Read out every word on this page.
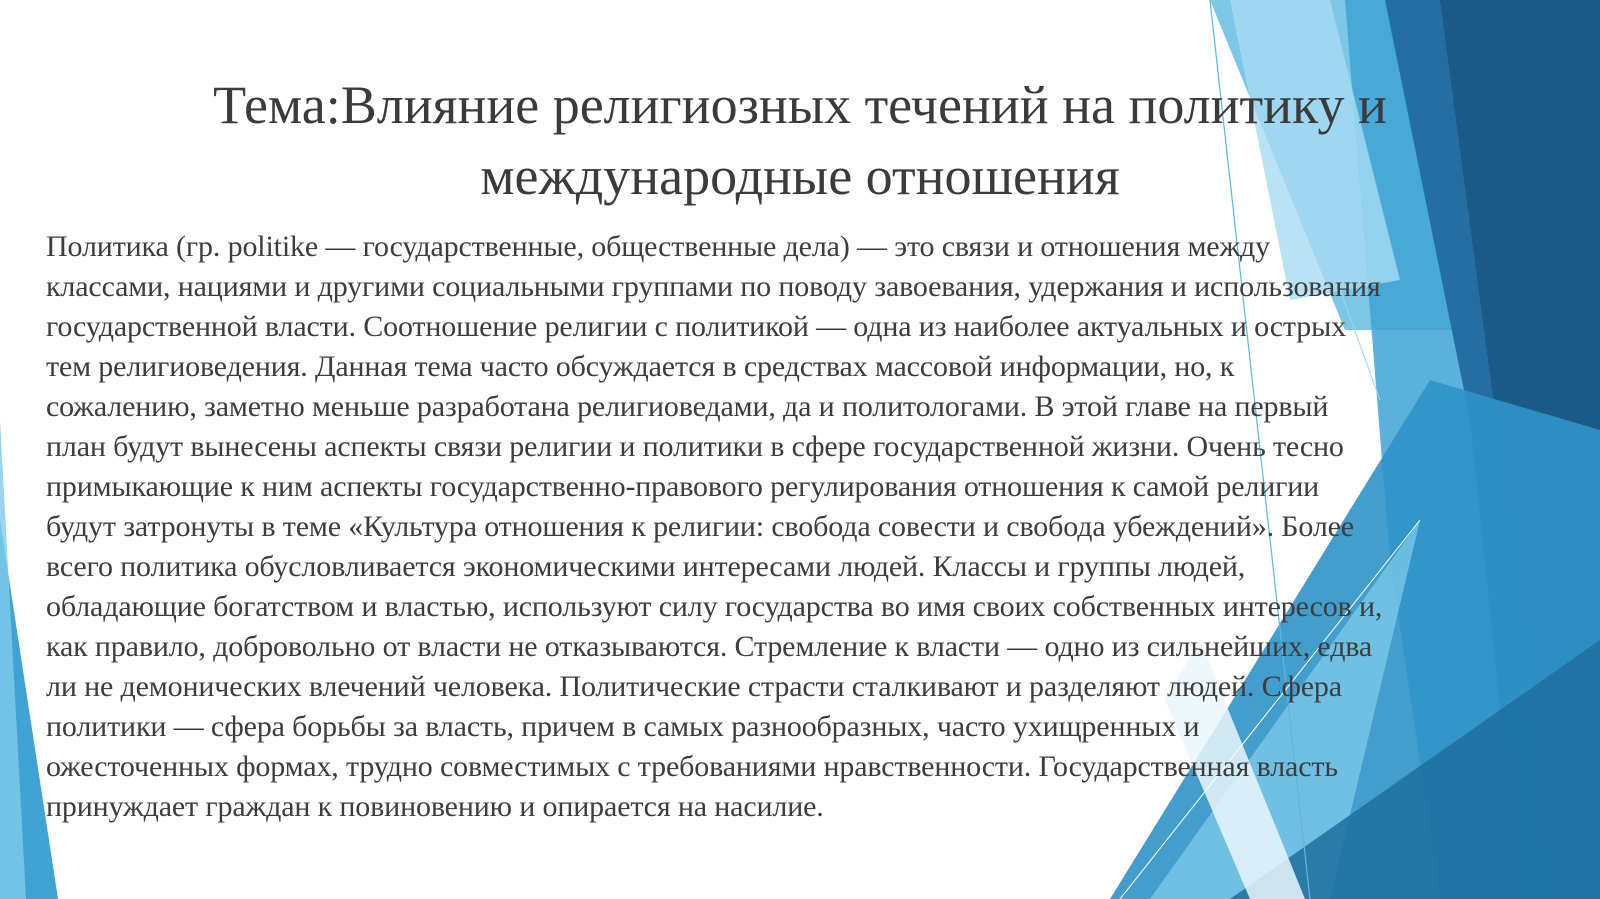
Тема:Влияние религиозных течений на политику и международные отношения

Политика (гр. politike — государственные, общественные дела) — это связи и отношения между
классами, нациями и другими социальными группами по поводу завоевания, удержания и использования
государственной власти. Соотношение религии с политикой — одна из наиболее актуальных и острых
тем религиоведения. Данная тема часто обсуждается в средствах массовой информации, но, к
сожалению, заметно меньше разработана религиоведами, да и политологами. В этой главе на первый
план будут вынесены аспекты связи религии и политики в сфере государственной жизни. Очень тесно
примыкающие к ним аспекты государственно-правового регулирования отношения к самой религии
будут затронуты в теме «Культура отношения к религии: свобода совести и свобода убеждений». Более
всего политика обусловливается экономическими интересами людей. Классы и группы людей,
обладающие богатством и властью, используют силу государства во имя своих собственных интересов и,
как правило, добровольно от власти не отказываются. Стремление к власти — одно из сильнейших, едва
ли не демонических влечений человека. Политические страсти сталкивают и разделяют людей. Сфера
политики — сфера борьбы за власть, причем в самых разнообразных, часто ухищренных и
ожесточенных формах, трудно совместимых с требованиями нравственности. Государственная власть
принуждает граждан к повиновению и опирается на насилие.
